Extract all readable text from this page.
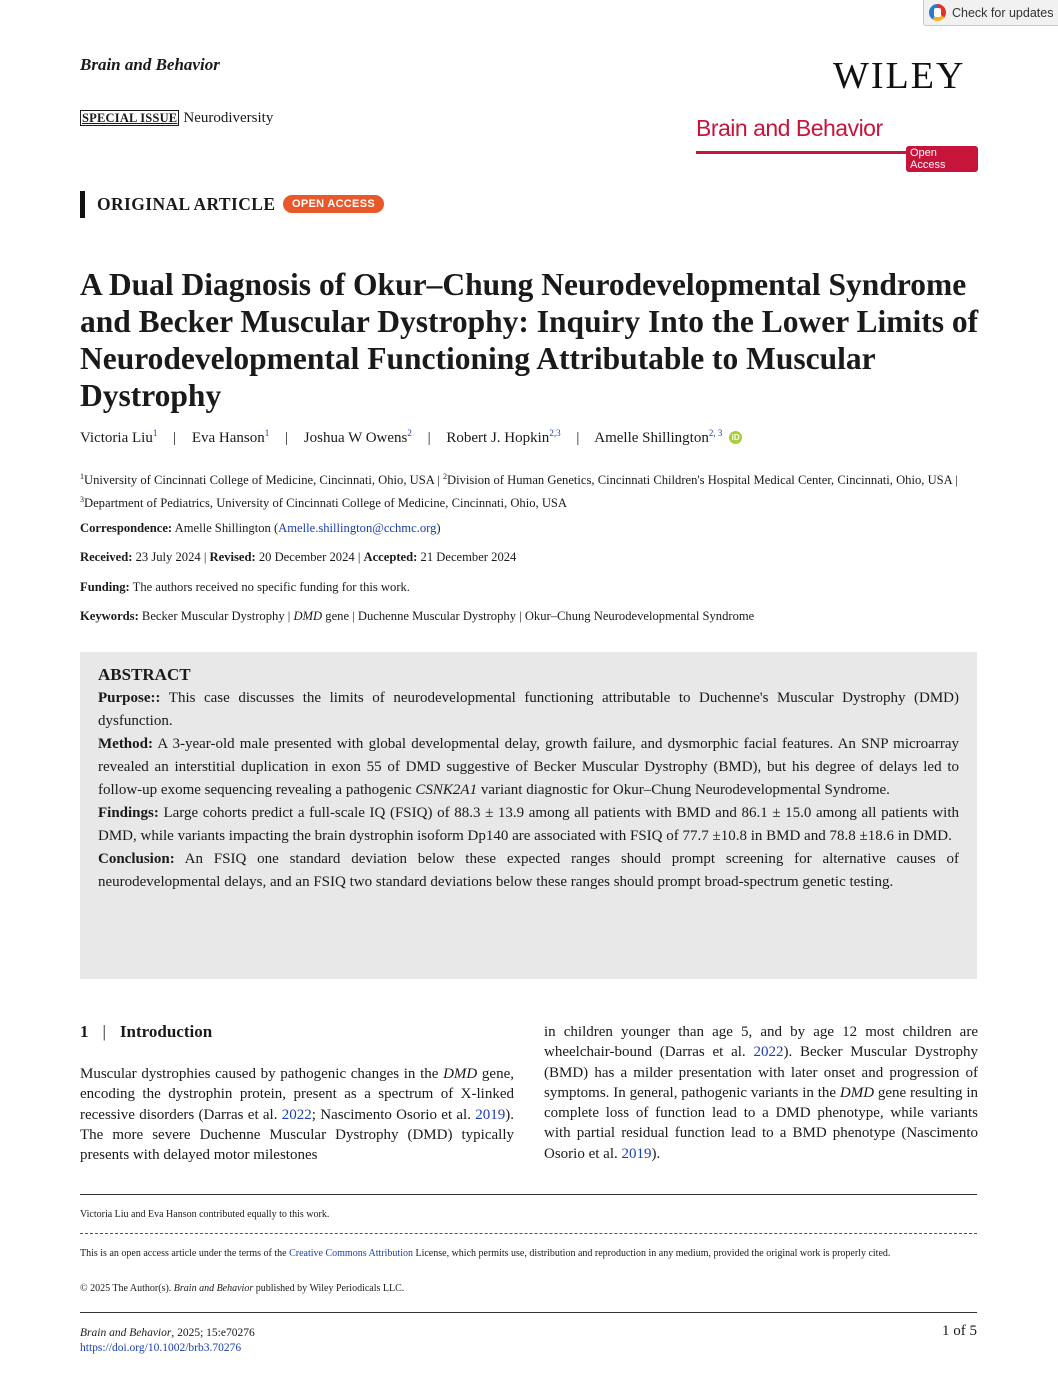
Check for updates
Brain and Behavior
SPECIAL ISSUE Neurodiversity
WILEY
Brain and Behavior
Open Access
ORIGINAL ARTICLE	OPEN ACCESS
A Dual Diagnosis of Okur–Chung Neurodevelopmental Syndrome and Becker Muscular Dystrophy: Inquiry Into the Lower Limits of Neurodevelopmental Functioning Attributable to Muscular Dystrophy
Victoria Liu$^1$ | Eva Hanson$^1$ | Joshua W Owens$^2$ | Robert J. Hopkin$^{2,3}$ | Amelle Shillington$^{2, 3}$ iD
$^1$University of Cincinnati College of Medicine, Cincinnati, Ohio, USA | $^2$Division of Human Genetics, Cincinnati Children's Hospital Medical Center, Cincinnati, Ohio, USA | $^3$Department of Pediatrics, University of Cincinnati College of Medicine, Cincinnati, Ohio, USA
Correspondence: Amelle Shillington (Amelle.shillington@cchmc.org)
Received: 23 July 2024 | Revised: 20 December 2024 | Accepted: 21 December 2024
Funding: The authors received no specific funding for this work.
Keywords: Becker Muscular Dystrophy | DMD gene | Duchenne Muscular Dystrophy | Okur–Chung Neurodevelopmental Syndrome
ABSTRACT

Purpose:: This case discusses the limits of neurodevelopmental functioning attributable to Duchenne's Muscular Dystrophy (DMD) dysfunction.

Method: A 3-year-old male presented with global developmental delay, growth failure, and dysmorphic facial features. An SNP microarray revealed an interstitial duplication in exon 55 of DMD suggestive of Becker Muscular Dystrophy (BMD), but his degree of delays led to follow-up exome sequencing revealing a pathogenic CSNK2A1 variant diagnostic for Okur–Chung Neurodevelopmental Syndrome.

Findings: Large cohorts predict a full-scale IQ (FSIQ) of 88.3 ± 13.9 among all patients with BMD and 86.1 ± 15.0 among all patients with DMD, while variants impacting the brain dystrophin isoform Dp140 are associated with FSIQ of 77.7 ±10.8 in BMD and 78.8 ±18.6 in DMD.

Conclusion: An FSIQ one standard deviation below these expected ranges should prompt screening for alternative causes of neurodevelopmental delays, and an FSIQ two standard deviations below these ranges should prompt broad-spectrum genetic testing.

1 | Introduction
Muscular dystrophies caused by pathogenic changes in the DMD gene, encoding the dystrophin protein, present as a spectrum of X-linked recessive disorders (Darras et al. 2022; Nascimento Osorio et al. 2019). The more severe Duchenne Muscular Dystrophy (DMD) typically presents with delayed motor milestones
in children younger than age 5, and by age 12 most children are wheelchair-bound (Darras et al. 2022). Becker Muscular Dystrophy (BMD) has a milder presentation with later onset and progression of symptoms. In general, pathogenic variants in the DMD gene resulting in complete loss of function lead to a DMD phenotype, while variants with partial residual function lead to a BMD phenotype (Nascimento Osorio et al. 2019).
Victoria Liu and Eva Hanson contributed equally to this work.
This is an open access article under the terms of the Creative Commons Attribution License, which permits use, distribution and reproduction in any medium, provided the original work is properly cited.
© 2025 The Author(s). Brain and Behavior published by Wiley Periodicals LLC.
Brain and Behavior, 2025; 15:e70276
https://doi.org/10.1002/brb3.70276
1 of 5
